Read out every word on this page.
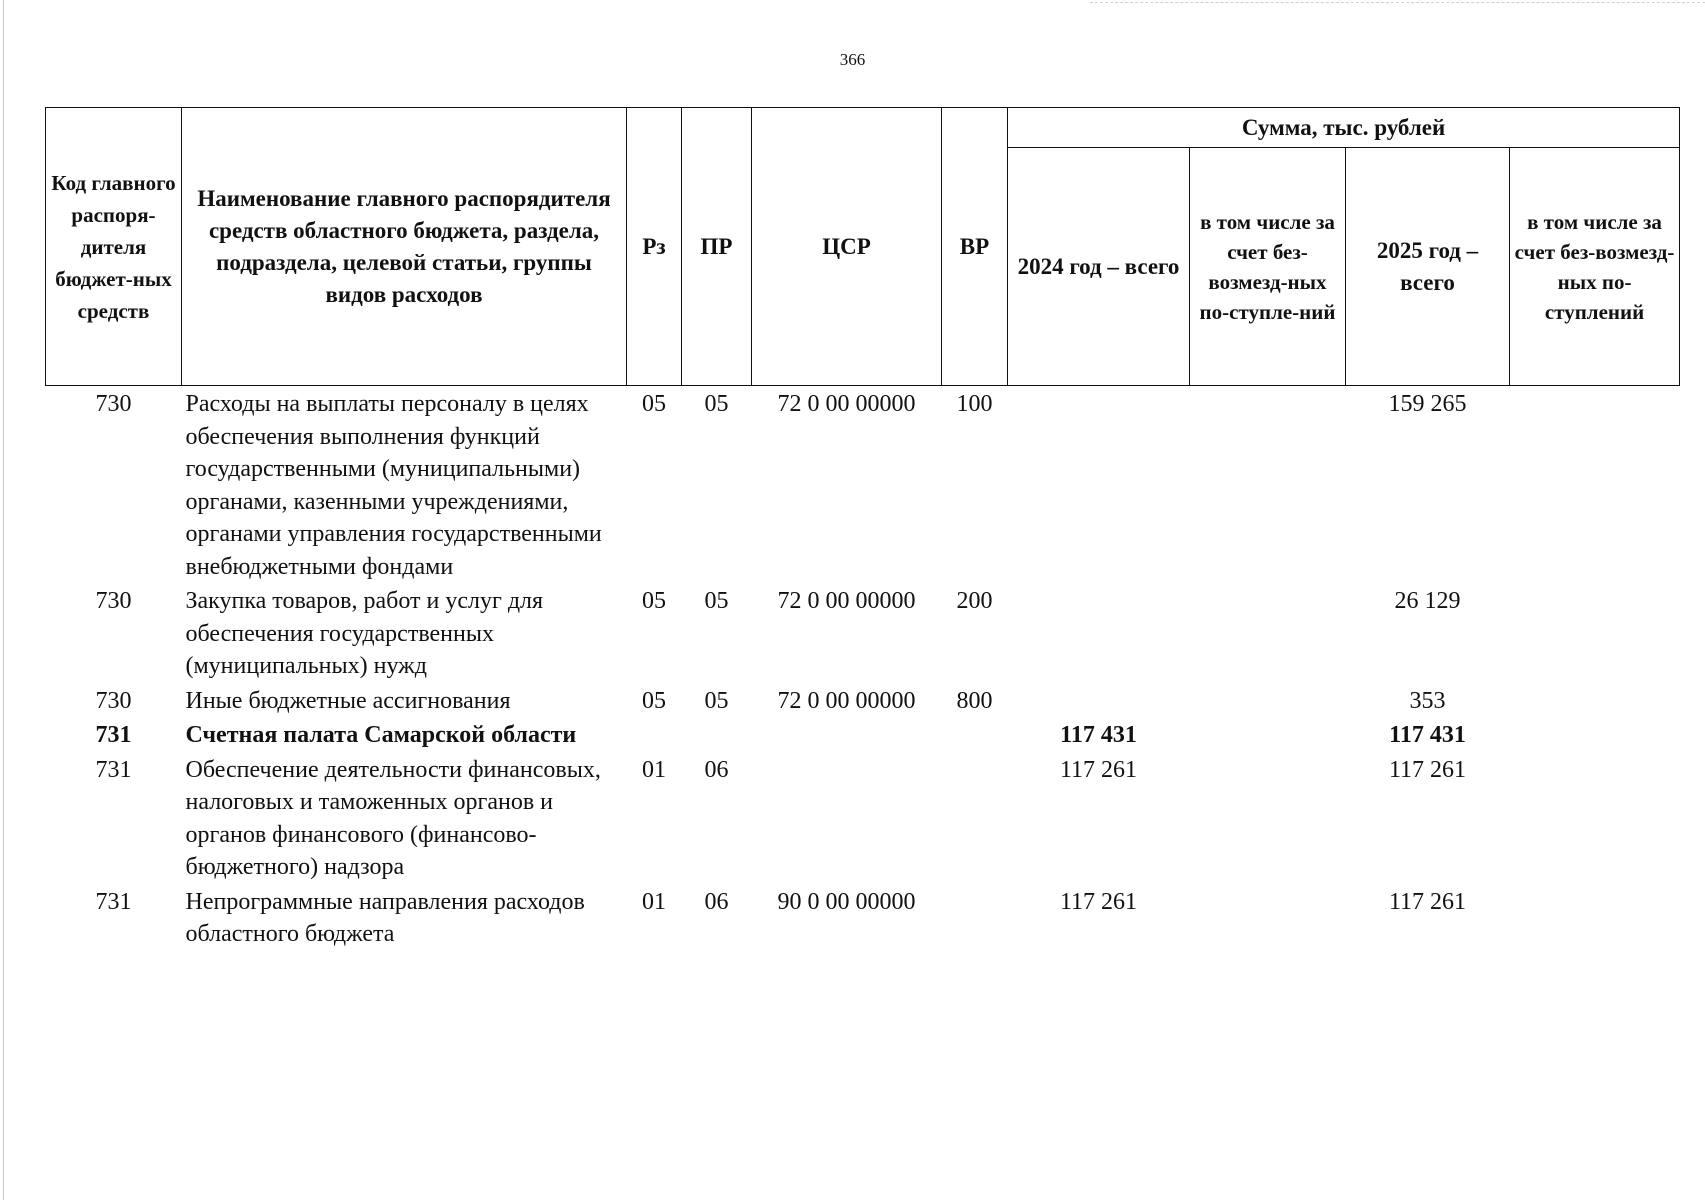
366
Код главного распоря-дителя бюджет-ных средств	Наименование главного распорядителя средств областного бюджета, раздела, подраздела, целевой статьи, группы видов расходов	Рз	ПР	ЦСР	ВР	Сумма, тыс. рублей			
						2024 год – всего	в том числе за счет без-возмезд-ных по-ступле-ний	2025 год – всего	в том числе за счет без-возмезд-ных по-ступлений
730	Расходы на выплаты персоналу в целях обеспечения выполнения функций государственными (муниципальными) органами, казенными учреждениями, органами управления государственными внебюджетными фондами	05	05	72 0 00 00000	100			159 265	
730	Закупка товаров, работ и услуг для обеспечения государственных (муниципальных) нужд	05	05	72 0 00 00000	200			26 129	
730	Иные бюджетные ассигнования	05	05	72 0 00 00000	800			353	
731	Счетная палата Самарской области					117 431		117 431	
731	Обеспечение деятельности финансовых, налоговых и таможенных органов и органов финансового (финансово-бюджетного) надзора	01	06			117 261		117 261	
731	Непрограммные направления расходов областного бюджета	01	06	90 0 00 00000		117 261		117 261	
